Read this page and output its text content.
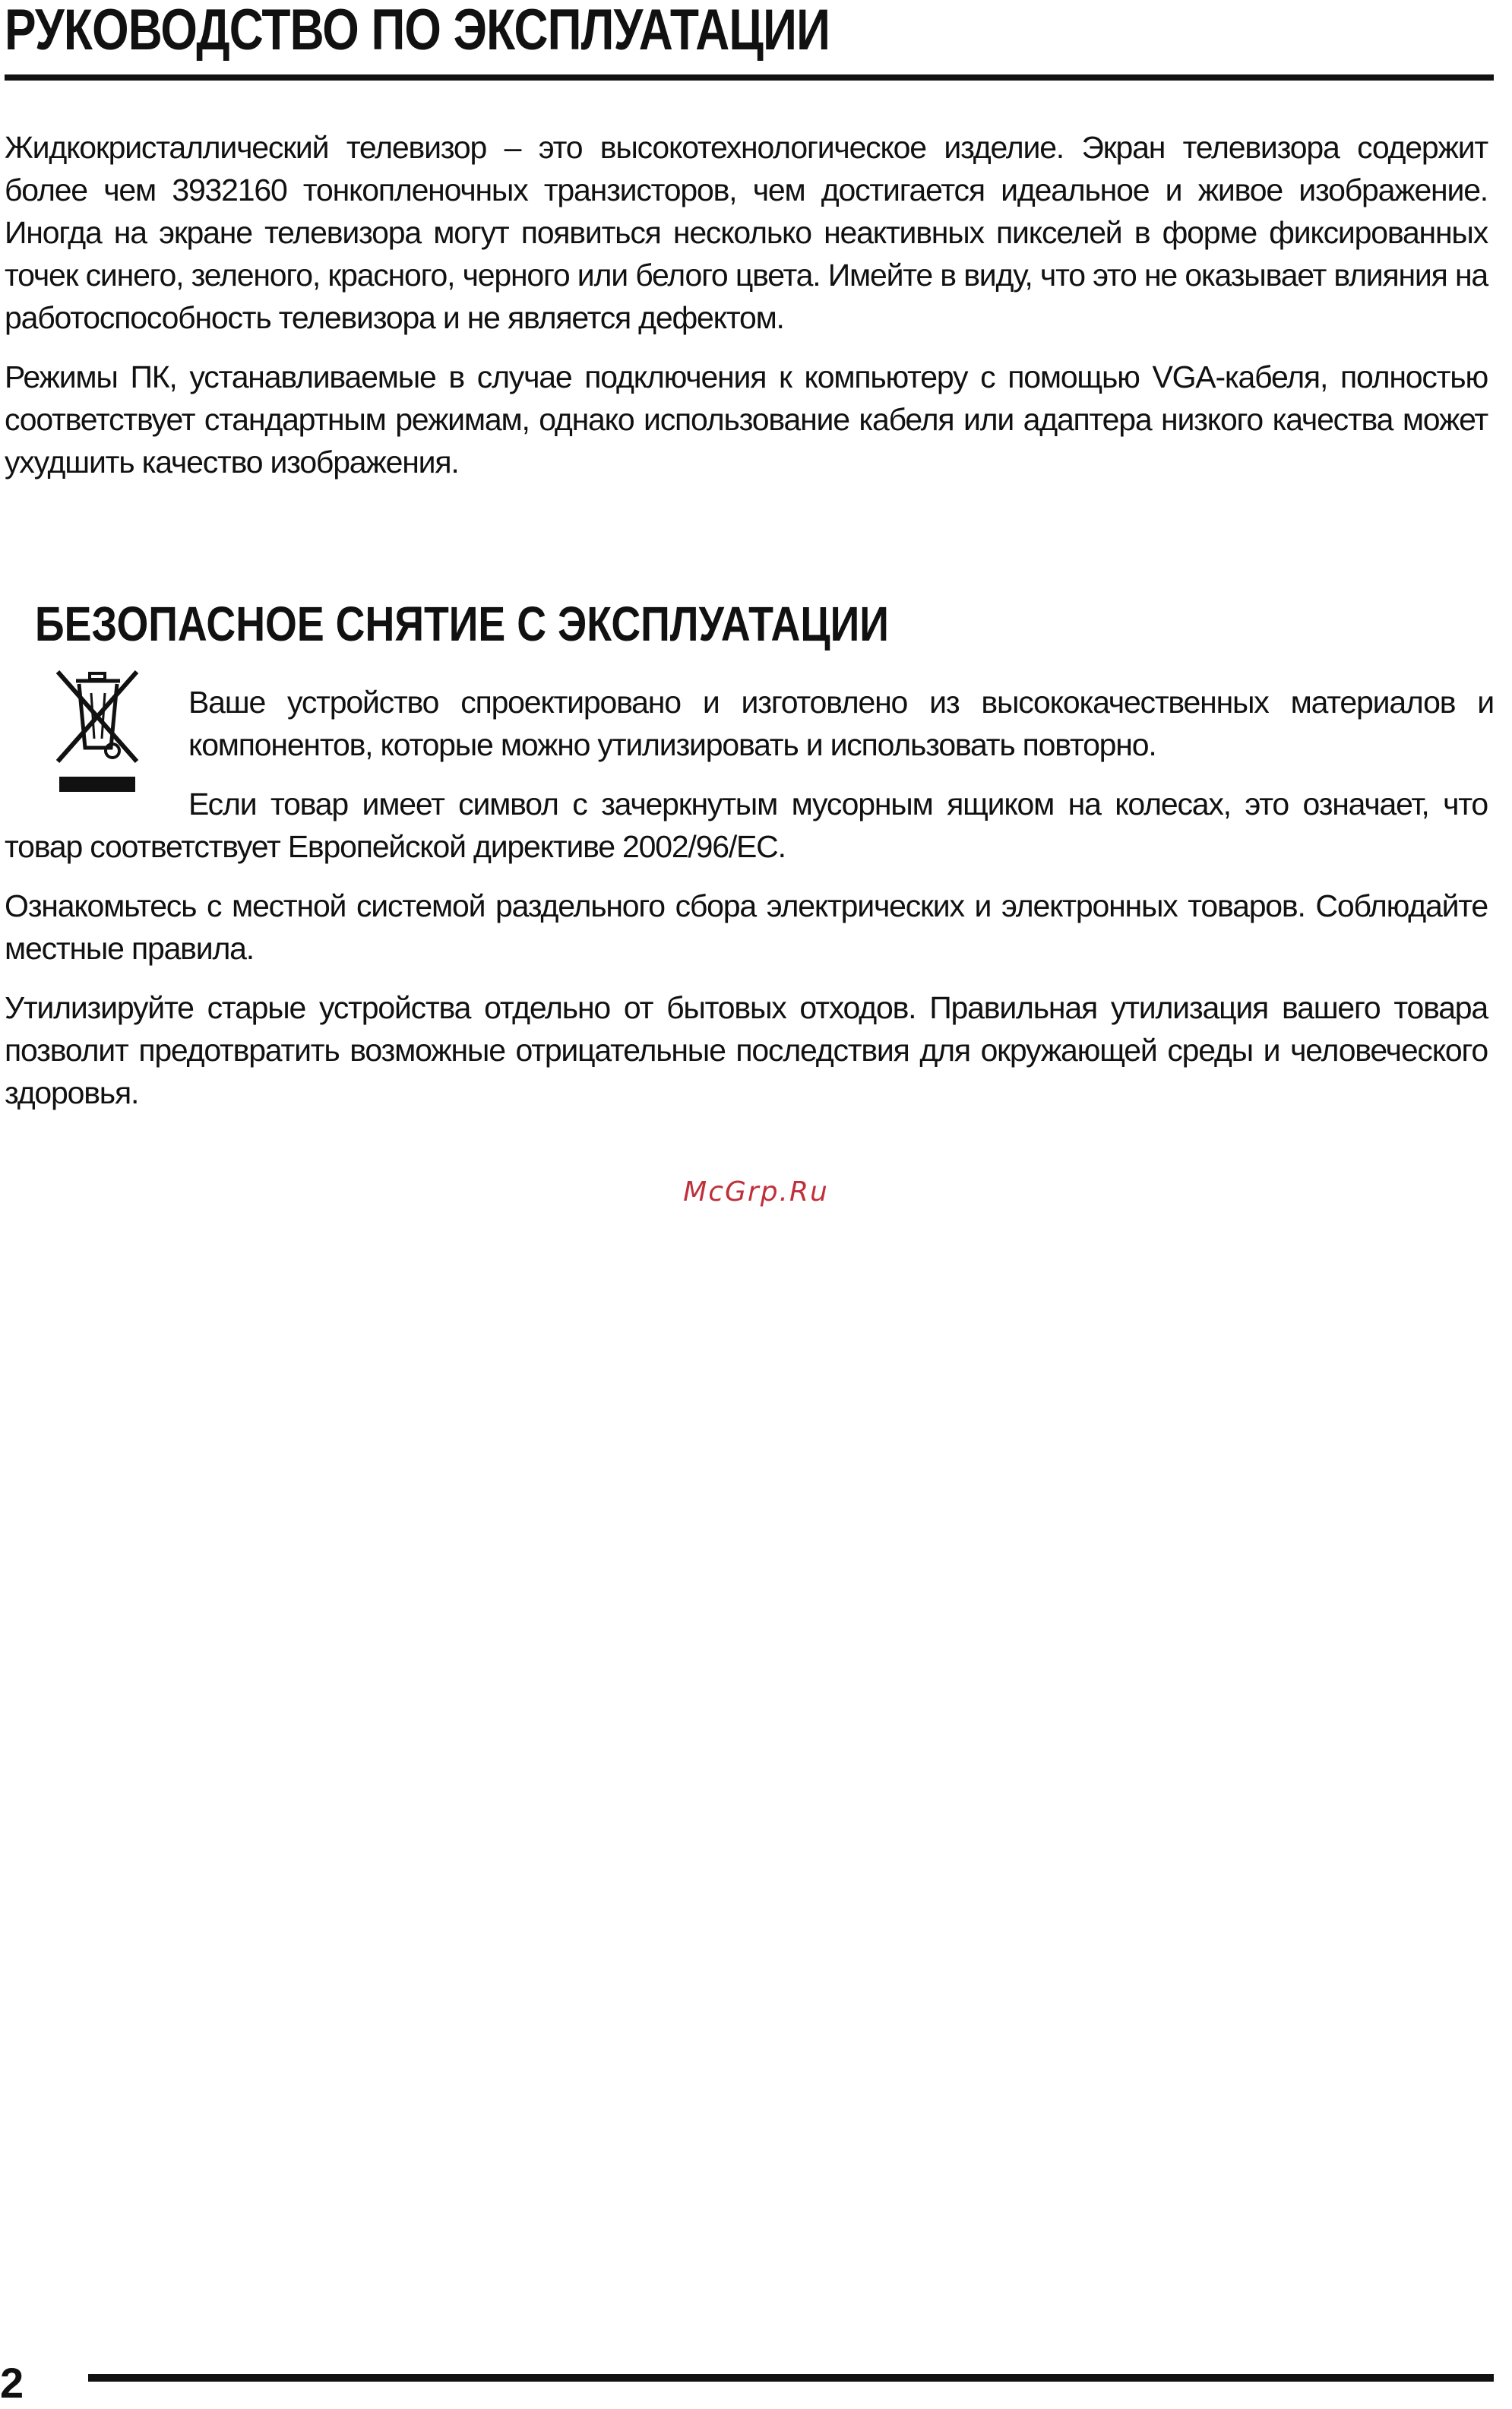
РУКОВОДСТВО ПО ЭКСПЛУАТАЦИИ

Жидкокристаллический телевизор – это высокотехнологическое изделие. Экран телевизора содержит более чем 3932160 тонкопленочных транзисторов, чем достигается идеальное и живое изображение. Иногда на экране телевизора могут появиться несколько неактивных пикселей в форме фиксированных точек синего, зеленого, красного, черного или белого цвета. Имейте в виду, что это не оказывает влияния на работоспособность телевизора и не является дефектом.

Режимы ПК, устанавливаемые в случае подключения к компьютеру с помощью VGA-кабеля, полностью соответствует стандартным режимам, однако использование кабеля или адаптера низкого качества может ухудшить качество изображения.

БЕЗОПАСНОЕ СНЯТИЕ С ЭКСПЛУАТАЦИИ

Ваше устройство спроектировано и изготовлено из высококачественных материалов и компонентов, которые можно утилизировать и использовать повторно.

Если товар имеет символ с зачеркнутым мусорным ящиком на колесах, это означает, что товар соответствует Европейской директиве 2002/96/EC.

Ознакомьтесь с местной системой раздельного сбора электрических и электронных товаров. Соблюдайте местные правила.

Утилизируйте старые устройства отдельно от бытовых отходов. Правильная утилизация вашего товара позволит предотвратить возможные отрицательные последствия для окружающей среды и человеческого здоровья.

McGrp.Ru
2
